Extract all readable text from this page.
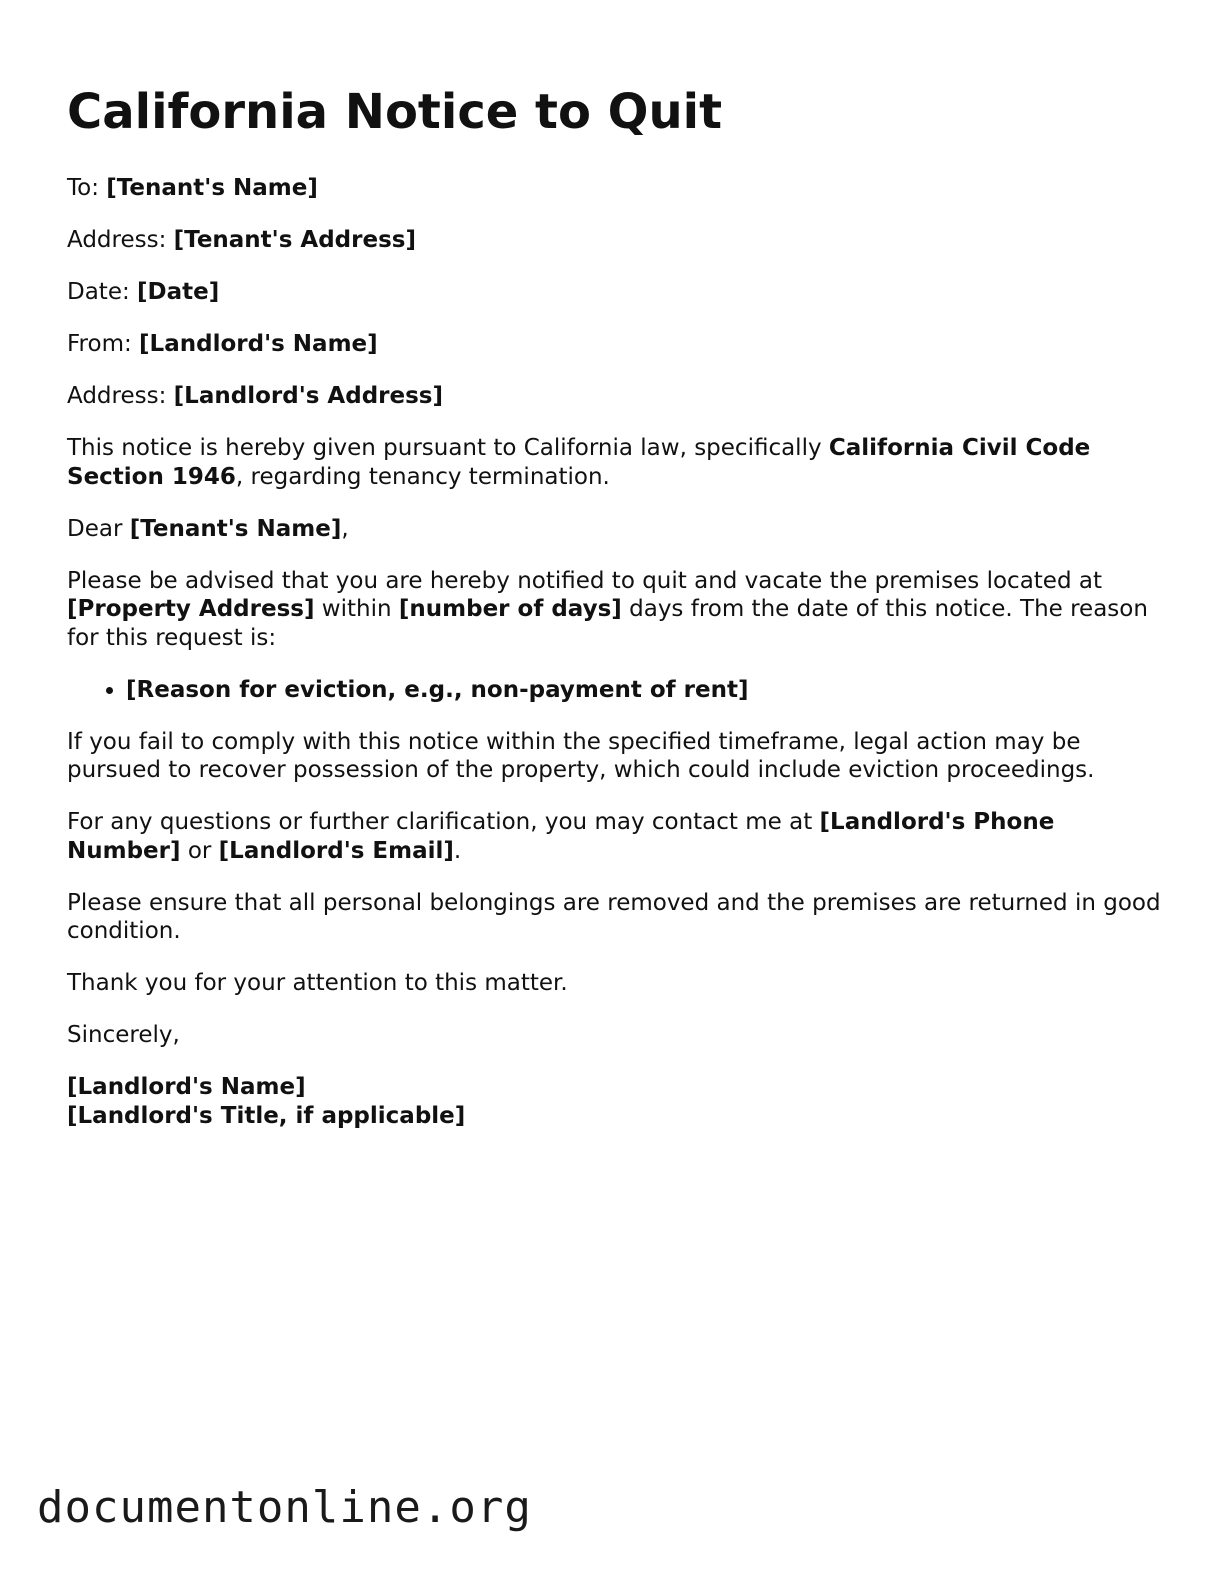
California Notice to Quit

To: [Tenant's Name]

Address: [Tenant's Address]

Date: [Date]

From: [Landlord's Name]

Address: [Landlord's Address]

This notice is hereby given pursuant to California law, specifically California Civil Code Section 1946, regarding tenancy termination.

Dear [Tenant's Name],

Please be advised that you are hereby notified to quit and vacate the premises located at [Property Address] within [number of days] days from the date of this notice. The reason for this request is:

• [Reason for eviction, e.g., non-payment of rent]

If you fail to comply with this notice within the specified timeframe, legal action may be pursued to recover possession of the property, which could include eviction proceedings.

For any questions or further clarification, you may contact me at [Landlord's Phone Number] or [Landlord's Email].

Please ensure that all personal belongings are removed and the premises are returned in good condition.

Thank you for your attention to this matter.

Sincerely,

[Landlord's Name]
[Landlord's Title, if applicable]

documentonline.org
